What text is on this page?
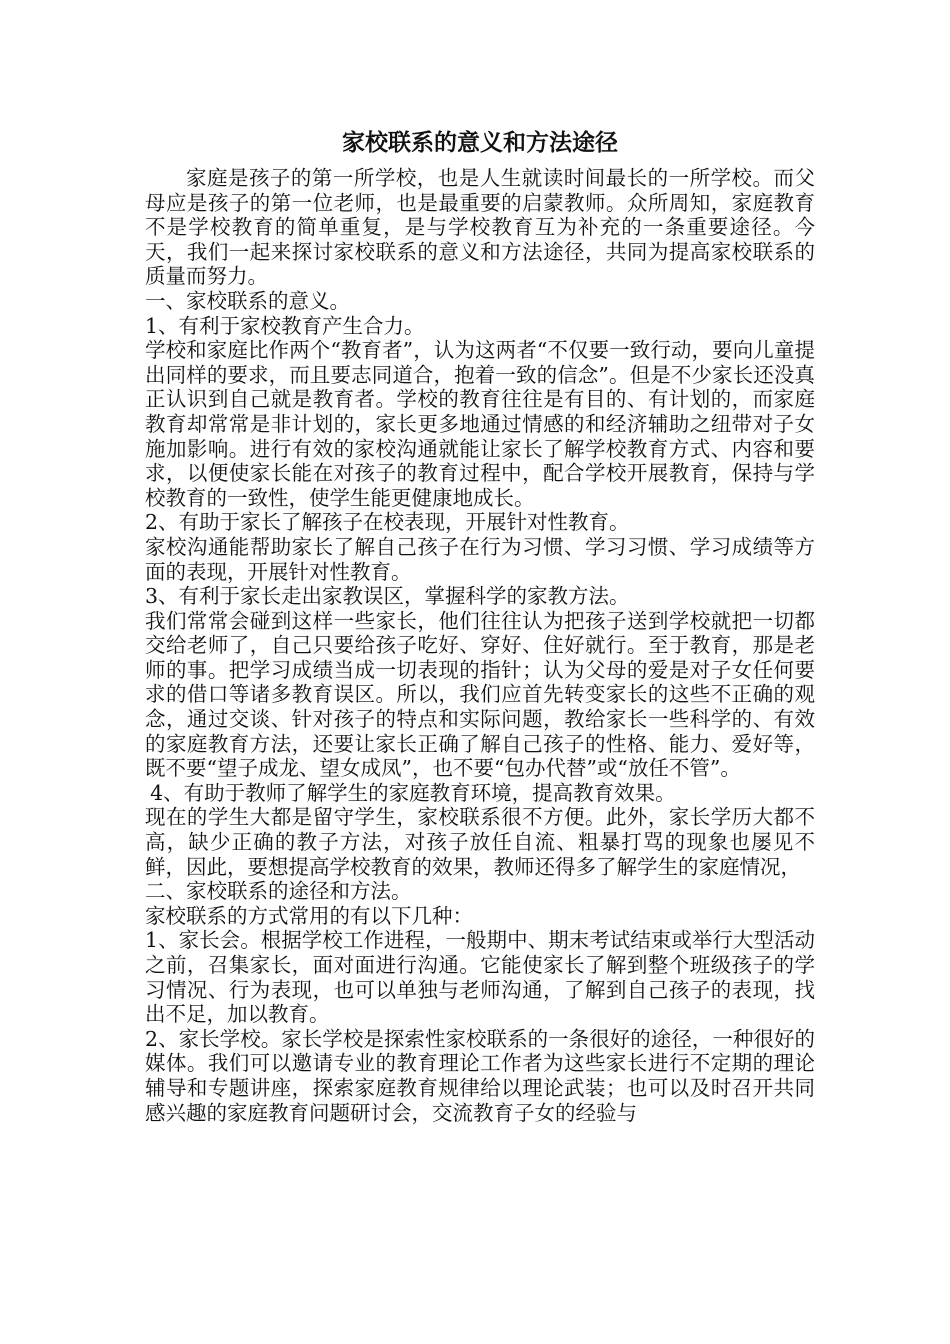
家校联系的意义和方法途径

家庭是孩子的第一所学校，也是人生就读时间最长的一所学校。而父母应是孩子的第一位老师，也是最重要的启蒙教师。众所周知，家庭教育不是学校教育的简单重复，是与学校教育互为补充的一条重要途径。今天，我们一起来探讨家校联系的意义和方法途径，共同为提高家校联系的质量而努力。

一、家校联系的意义。

1、有利于家校教育产生合力。

学校和家庭比作两个“教育者”，认为这两者“不仅要一致行动，要向儿童提出同样的要求，而且要志同道合，抱着一致的信念”。但是不少家长还没真正认识到自己就是教育者。学校的教育往往是有目的、有计划的，而家庭教育却常常是非计划的，家长更多地通过情感的和经济辅助之纽带对子女施加影响。进行有效的家校沟通就能让家长了解学校教育方式、内容和要求，以便使家长能在对孩子的教育过程中，配合学校开展教育，保持与学校教育的一致性，使学生能更健康地成长。

2、有助于家长了解孩子在校表现，开展针对性教育。

家校沟通能帮助家长了解自己孩子在行为习惯、学习习惯、学习成绩等方面的表现，开展针对性教育。

3、有利于家长走出家教误区，掌握科学的家教方法。

我们常常会碰到这样一些家长，他们往往认为把孩子送到学校就把一切都交给老师了，自己只要给孩子吃好、穿好、住好就行。至于教育，那是老师的事。把学习成绩当成一切表现的指针；认为父母的爱是对子女任何要求的借口等诸多教育误区。所以，我们应首先转变家长的这些不正确的观念，通过交谈、针对孩子的特点和实际问题，教给家长一些科学的、有效的家庭教育方法，还要让家长正确了解自己孩子的性格、能力、爱好等，既不要“望子成龙、望女成凤”，也不要“包办代替”或“放任不管”。

4、有助于教师了解学生的家庭教育环境，提高教育效果。

现在的学生大都是留守学生，家校联系很不方便。此外，家长学历大都不高，缺少正确的教子方法，对孩子放任自流、粗暴打骂的现象也屡见不鲜，因此，要想提高学校教育的效果，教师还得多了解学生的家庭情况，

二、家校联系的途径和方法。

家校联系的方式常用的有以下几种：

1、家长会。根据学校工作进程，一般期中、期末考试结束或举行大型活动之前，召集家长，面对面进行沟通。它能使家长了解到整个班级孩子的学习情况、行为表现，也可以单独与老师沟通，了解到自己孩子的表现，找出不足，加以教育。

2、家长学校。家长学校是探索性家校联系的一条很好的途径，一种很好的媒体。我们可以邀请专业的教育理论工作者为这些家长进行不定期的理论辅导和专题讲座，探索家庭教育规律给以理论武装；也可以及时召开共同感兴趣的家庭教育问题研讨会，交流教育子女的经验与
